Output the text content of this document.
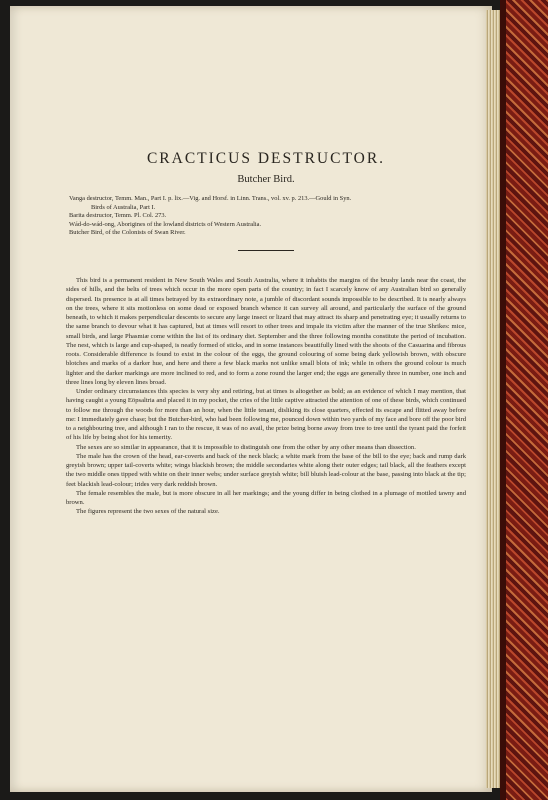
CRACTICUS DESTRUCTOR.
Butcher Bird.

Vanga destructor, Temm. Man., Part I. p. lix.—Vig. and Horsf. in Linn. Trans., vol. xv. p. 213.—Gould in Syn.

Birds of Australia, Part I.

Barita destructor, Temm. Pl. Col. 273.

Wád-do-wád-ong, Aborigines of the lowland districts of Western Australia.

Butcher Bird, of the Colonists of Swan River.

This bird is a permanent resident in New South Wales and South Australia, where it inhabits the margins of the brushy lands near the coast, the sides of hills, and the belts of trees which occur in the more open parts of the country; in fact I scarcely know of any Australian bird so generally dispersed. Its presence is at all times betrayed by its extraordinary note, a jumble of discordant sounds impossible to be described. It is nearly always on the trees, where it sits motionless on some dead or exposed branch whence it can survey all around, and particularly the surface of the ground beneath, to which it makes perpendicular descents to secure any large insect or lizard that may attract its sharp and penetrating eye; it usually returns to the same branch to devour what it has captured, but at times will resort to other trees and impale its victim after the manner of the true Shrikes: mice, small birds, and large Phasmiæ come within the list of its ordinary diet. September and the three following months constitute the period of incubation. The nest, which is large and cup-shaped, is neatly formed of sticks, and in some instances beautifully lined with the shoots of the Casuarina and fibrous roots. Considerable difference is found to exist in the colour of the eggs, the ground colouring of some being dark yellowish brown, with obscure blotches and marks of a darker hue, and here and there a few black marks not unlike small blots of ink; while in others the ground colour is much lighter and the darker markings are more inclined to red, and to form a zone round the larger end; the eggs are generally three in number, one inch and three lines long by eleven lines broad.

Under ordinary circumstances this species is very shy and retiring, but at times is altogether as bold; as an evidence of which I may mention, that having caught a young Eöpsaltria and placed it in my pocket, the cries of the little captive attracted the attention of one of these birds, which continued to follow me through the woods for more than an hour, when the little tenant, disliking its close quarters, effected its escape and flitted away before me: I immediately gave chase; but the Butcher-bird, who had been following me, pounced down within two yards of my face and bore off the poor bird to a neighbouring tree, and although I ran to the rescue, it was of no avail, the prize being borne away from tree to tree until the tyrant paid the forfeit of his life by being shot for his temerity.

The sexes are so similar in appearance, that it is impossible to distinguish one from the other by any other means than dissection.

The male has the crown of the head, ear-coverts and back of the neck black; a white mark from the base of the bill to the eye; back and rump dark greyish brown; upper tail-coverts white; wings blackish brown; the middle secondaries white along their outer edges; tail black, all the feathers except the two middle ones tipped with white on their inner webs; under surface greyish white; bill bluish lead-colour at the base, passing into black at the tip; feet blackish lead-colour; irides very dark reddish brown.

The female resembles the male, but is more obscure in all her markings; and the young differ in being clothed in a plumage of mottled tawny and brown.

The figures represent the two sexes of the natural size.
